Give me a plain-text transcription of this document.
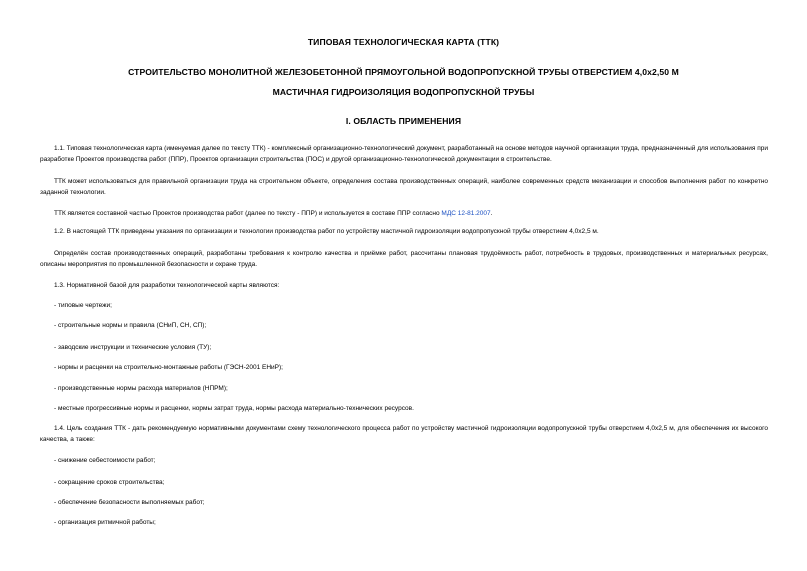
ТИПОВАЯ ТЕХНОЛОГИЧЕСКАЯ КАРТА (ТТК)
СТРОИТЕЛЬСТВО МОНОЛИТНОЙ ЖЕЛЕЗОБЕТОННОЙ ПРЯМОУГОЛЬНОЙ ВОДОПРОПУСКНОЙ ТРУБЫ ОТВЕРСТИЕМ 4,0х2,50 М
МАСТИЧНАЯ ГИДРОИЗОЛЯЦИЯ ВОДОПРОПУСКНОЙ ТРУБЫ
I. ОБЛАСТЬ ПРИМЕНЕНИЯ
1.1. Типовая технологическая карта (именуемая далее по тексту ТТК) - комплексный организационно-технологический документ, разработанный на основе методов научной организации труда, предназначенный для использования при разработке Проектов производства работ (ППР), Проектов организации строительства (ПОС) и другой организационно-технологической документации в строительстве.
ТТК может использоваться для правильной организации труда на строительном объекте, определения состава производственных операций, наиболее современных средств механизации и способов выполнения работ по конкретно заданной технологии.
ТТК является составной частью Проектов производства работ (далее по тексту - ППР) и используется в составе ППР согласно МДС 12-81.2007.
1.2. В настоящей ТТК приведены указания по организации и технологии производства работ по устройству мастичной гидроизоляции водопропускной трубы отверстием 4,0х2,5 м.
Определён состав производственных операций, разработаны требования к контролю качества и приёмке работ, рассчитаны плановая трудоёмкость работ, потребность в трудовых, производственных и материальных ресурсах, описаны мероприятия по промышленной безопасности и охране труда.
1.3. Нормативной базой для разработки технологической карты являются:
- типовые чертежи;
- строительные нормы и правила (СНиП, СН, СП);
- заводские инструкции и технические условия (ТУ);
- нормы и расценки на строительно-монтажные работы (ГЭСН-2001 ЕНиР);
- производственные нормы расхода материалов (НПРМ);
- местные прогрессивные нормы и расценки, нормы затрат труда, нормы расхода материально-технических ресурсов.
1.4. Цель создания ТТК - дать рекомендуемую нормативными документами схему технологического процесса работ по устройству мастичной гидроизоляции водопропускной трубы отверстием 4,0х2,5 м, для обеспечения их высокого качества, а также:
- снижение себестоимости работ;
- сокращение сроков строительства;
- обеспечение безопасности выполняемых работ;
- организация ритмичной работы;
